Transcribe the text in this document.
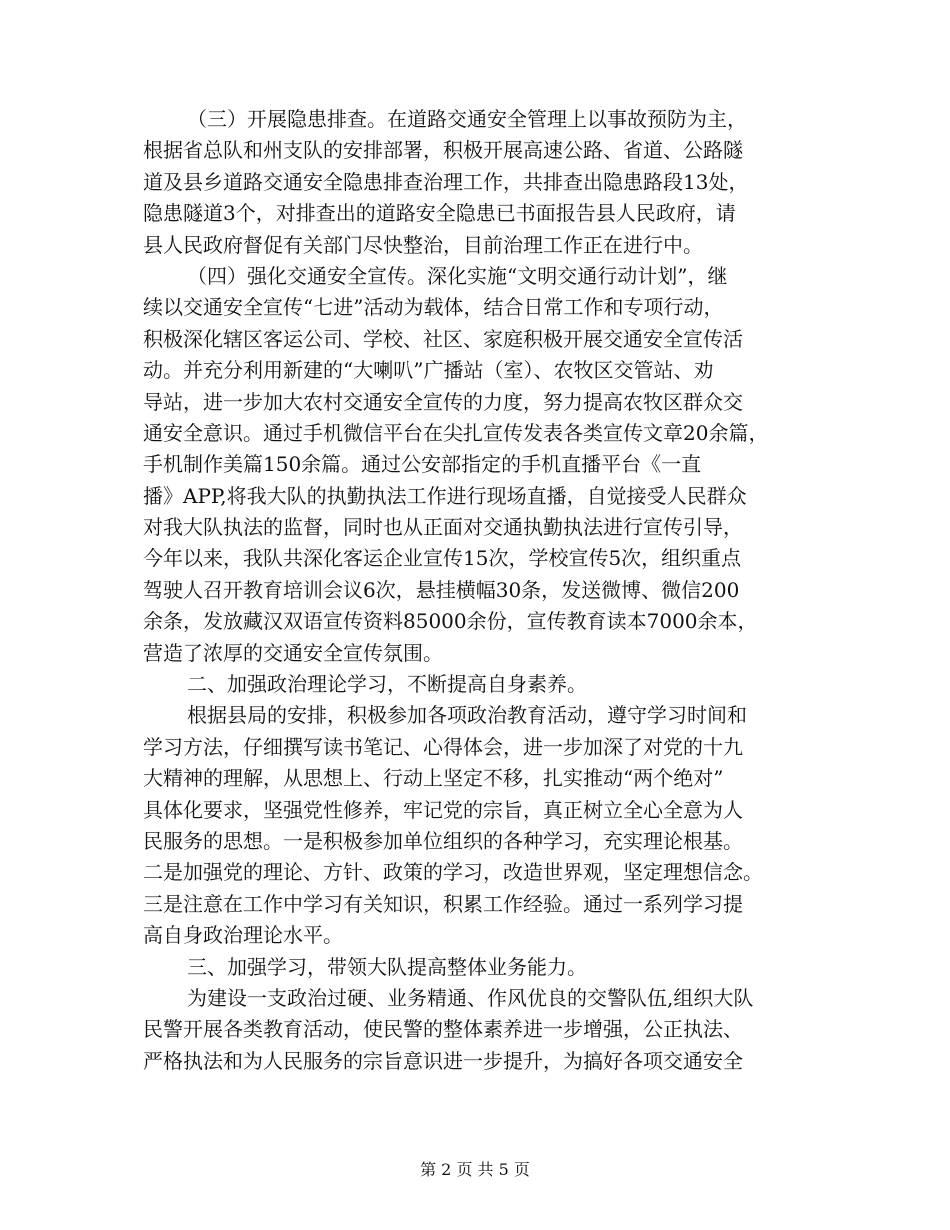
（三）开展隐患排查。在道路交通安全管理上以事故预防为主，
根据省总队和州支队的安排部署，积极开展高速公路、省道、公路隧
道及县乡道路交通安全隐患排查治理工作，共排查出隐患路段13处，
隐患隧道3个，对排查出的道路安全隐患已书面报告县人民政府，请
县人民政府督促有关部门尽快整治，目前治理工作正在进行中。
（四）强化交通安全宣传。深化实施“文明交通行动计划”，继
续以交通安全宣传“七进”活动为载体，结合日常工作和专项行动，
积极深化辖区客运公司、学校、社区、家庭积极开展交通安全宣传活
动。并充分利用新建的“大喇叭”广播站（室）、农牧区交管站、劝
导站，进一步加大农村交通安全宣传的力度，努力提高农牧区群众交
通安全意识。通过手机微信平台在尖扎宣传发表各类宣传文章20余篇，
手机制作美篇150余篇。通过公安部指定的手机直播平台《一直
播》APP,将我大队的执勤执法工作进行现场直播，自觉接受人民群众
对我大队执法的监督，同时也从正面对交通执勤执法进行宣传引导，
今年以来，我队共深化客运企业宣传15次，学校宣传5次，组织重点
驾驶人召开教育培训会议6次，悬挂横幅30条，发送微博、微信200
余条，发放藏汉双语宣传资料85000余份，宣传教育读本7000余本，
营造了浓厚的交通安全宣传氛围。
二、加强政治理论学习，不断提高自身素养。
根据县局的安排，积极参加各项政治教育活动，遵守学习时间和
学习方法，仔细撰写读书笔记、心得体会，进一步加深了对党的十九
大精神的理解，从思想上、行动上坚定不移，扎实推动“两个绝对”
具体化要求，坚强党性修养，牢记党的宗旨，真正树立全心全意为人
民服务的思想。一是积极参加单位组织的各种学习，充实理论根基。
二是加强党的理论、方针、政策的学习，改造世界观，坚定理想信念。
三是注意在工作中学习有关知识，积累工作经验。通过一系列学习提
高自身政治理论水平。
三、加强学习，带领大队提高整体业务能力。
为建设一支政治过硬、业务精通、作风优良的交警队伍,组织大队
民警开展各类教育活动，使民警的整体素养进一步增强，公正执法、
严格执法和为人民服务的宗旨意识进一步提升，为搞好各项交通安全
第 2 页 共 5 页
